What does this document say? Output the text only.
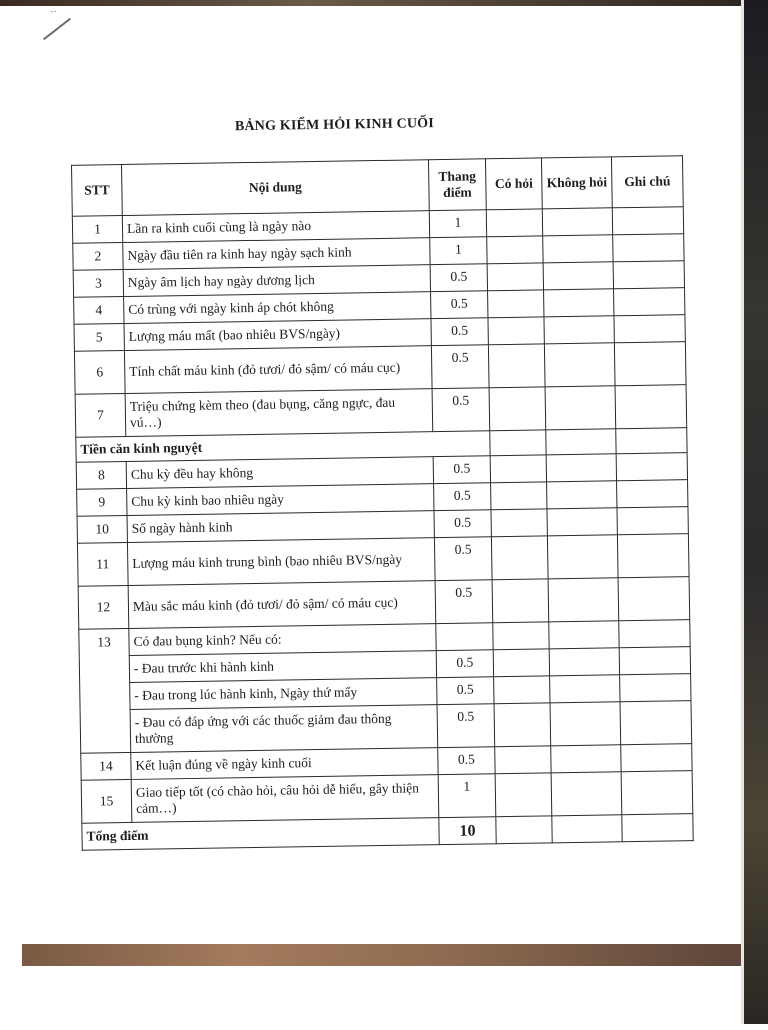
˙˙
BẢNG KIỂM HỎI KINH CUỐI
STT	Nội dung	Thang điểm	Có hỏi	Không hỏi	Ghi chú
1	Lần ra kinh cuối cùng là ngày nào	1			
2	Ngày đầu tiên ra kinh hay ngày sạch kinh	1			
3	Ngày âm lịch hay ngày dương lịch	0.5			
4	Có trùng với ngày kinh áp chót không	0.5			
5	Lượng máu mất (bao nhiêu BVS/ngày)	0.5			
6	Tính chất máu kinh (đỏ tươi/ đỏ sậm/ có máu cục)	0.5			
7	Triệu chứng kèm theo (đau bụng, căng ngực, đau vú…)	0.5			
Tiền căn kinh nguyệt					
8	Chu kỳ đều hay không	0.5			
9	Chu kỳ kinh bao nhiêu ngày	0.5			
10	Số ngày hành kinh	0.5			
11	Lượng máu kinh trung bình (bao nhiêu BVS/ngày	0.5			
12	Màu sắc máu kinh (đỏ tươi/ đỏ sậm/ có máu cục)	0.5			
13	Có đau bụng kinh? Nếu có:				
	- Đau trước khi hành kinh	0.5			
	- Đau trong lúc hành kinh, Ngày thứ mấy	0.5			
	- Đau có đáp ứng với các thuốc giảm đau thông thường	0.5			
14	Kết luận đúng về ngày kinh cuối	0.5			
15	Giao tiếp tốt (có chào hỏi, câu hỏi dễ hiểu, gây thiện cảm…)	1			
Tổng điểm		10			
